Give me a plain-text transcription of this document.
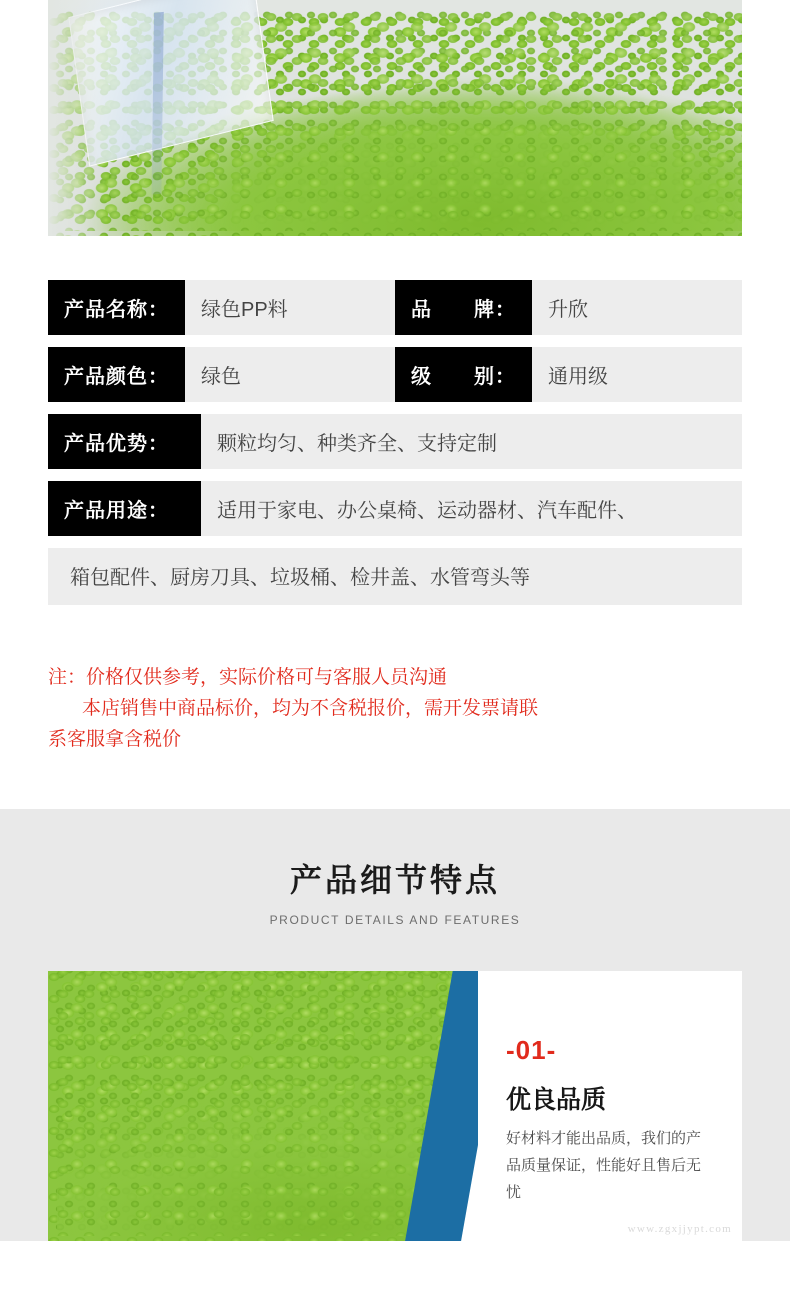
产品名称：	绿色PP料	品　　牌：	升欣
产品颜色：	绿色	级　　别：	通用级
产品优势：	颗粒均匀、种类齐全、支持定制
产品用途：	适用于家电、办公桌椅、运动器材、汽车配件、
箱包配件、厨房刀具、垃圾桶、检井盖、水管弯头等
注：价格仅供参考，实际价格可与客服人员沟通
本店销售中商品标价，均为不含税报价，需开发票请联
系客服拿含税价
产品细节特点
PRODUCT DETAILS AND FEATURES
-01-
优良品质
好材料才能出品质，我们的产品质量保证，性能好且售后无忧
www.zgxjjypt.com
